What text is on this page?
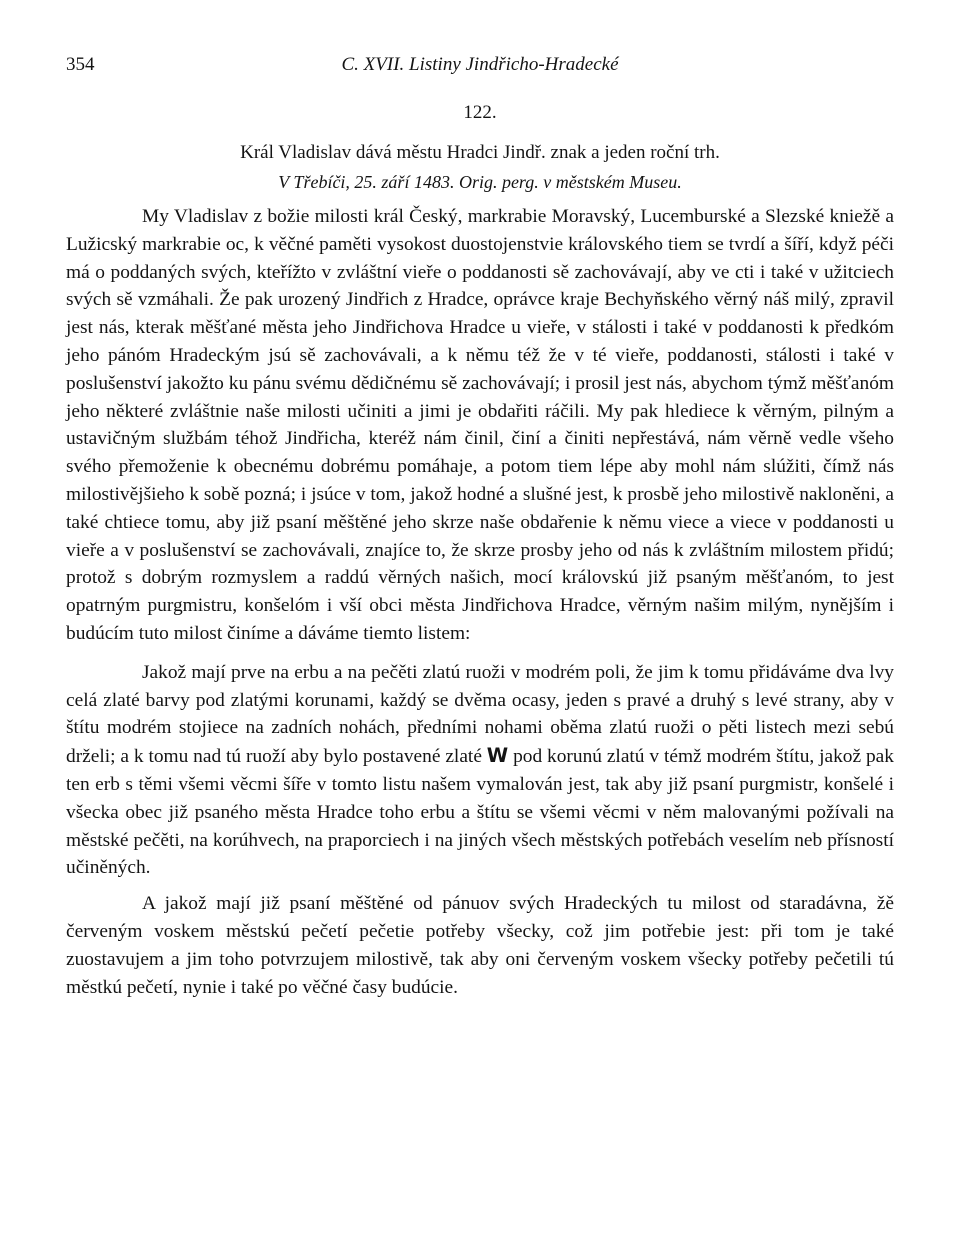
354	C. XVII. Listiny Jindřicho-Hradecké
122.
Král Vladislav dává městu Hradci Jindř. znak a jeden roční trh.
V Třebíči, 25. září 1483. Orig. perg. v městském Museu.

My Vladislav z božie milosti král Český, markrabie Moravský, Lucemburské a Slezské kniežě a Lužicský markrabie oc, k věčné paměti vysokost duostojenstvie královského tiem se tvrdí a šíří, když péči má o poddaných svých, kteřížto v zvláštní vieře o poddanosti sě zachovávají, aby ve cti i také v užitciech svých sě vzmáhali. Že pak urozený Jindřich z Hradce, oprávce kraje Bechyňského věrný náš milý, zpravil jest nás, kterak měšťané města jeho Jindřichova Hradce u vieře, v stálosti i také v poddanosti k předkóm jeho pánóm Hradeckým jsú sě zachovávali, a k němu též že v té vieře, poddanosti, stálosti i také v poslušenství jakožto ku pánu svému dědičnému sě zachovávají; i prosil jest nás, abychom týmž měšťanóm jeho některé zvláštnie naše milosti učiniti a jimi je obdařiti ráčili. My pak hlediece k věrným, pilným a ustavičným službám téhož Jindřicha, kteréž nám činil, činí a činiti nepřestává, nám věrně vedle všeho svého přemoženie k obecnému dobrému pomáhaje, a potom tiem lépe aby mohl nám slúžiti, čímž nás milostivějšieho k sobě pozná; i jsúce v tom, jakož hodné a slušné jest, k prosbě jeho milostivě nakloněni, a také chtiece tomu, aby již psaní měštěné jeho skrze naše obdařenie k němu viece a viece v poddanosti u vieře a v poslušenství se zachovávali, znajíce to, že skrze prosby jeho od nás k zvláštním milostem přidú; protož s dobrým rozmyslem a raddú věrných našich, mocí královskú již psaným měšťanóm, to jest opatrným purgmistru, konšelóm i vší obci města Jindřichova Hradce, věrným našim milým, nynějším i budúcím tuto milost činíme a dáváme tiemto listem:

Jakož mají prve na erbu a na pečěti zlatú ruoži v modrém poli, že jim k tomu přidáváme dva lvy celá zlaté barvy pod zlatými korunami, každý se dvěma ocasy, jeden s pravé a druhý s levé strany, aby v štítu modrém stojiece na zadních nohách, předními nohami oběma zlatú ruoži o pěti listech mezi sebú drželi; a k tomu nad tú ruoží aby bylo postavené zlaté W pod korunú zlatú v témž modrém štítu, jakož pak ten erb s těmi všemi věcmi šíře v tomto listu našem vymalován jest, tak aby již psaní purgmistr, konšelé i všecka obec již psaného města Hradce toho erbu a štítu se všemi věcmi v něm malovanými požívali na městské pečěti, na korúhvech, na praporciech i na jiných všech městských potřebách veselím neb přísností učiněných.

A jakož mají již psaní měštěné od pánuov svých Hradeckých tu milost od staradávna, žě červeným voskem městskú pečetí pečetie potřeby všecky, což jim potřebie jest: při tom je také zuostavujem a jim toho potvrzujem milostivě, tak aby oni červeným voskem všecky potřeby pečetili tú městkú pečetí, nynie i také po věčné časy budúcie.
